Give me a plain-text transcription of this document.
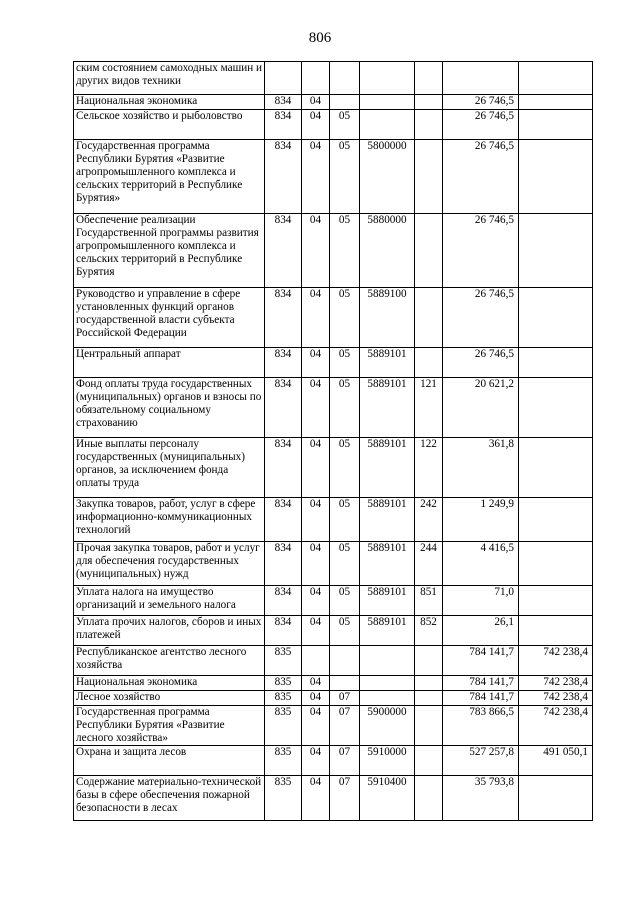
806
ским состоянием самоходных машин и других видов техники							
Национальная экономика	834	04				26 746,5	
Сельское хозяйство и рыболовство	834	04	05			26 746,5	
Государственная программа Республики Бурятия «Развитие агропромышленного комплекса и сельских территорий в Республике Бурятия»	834	04	05	5800000		26 746,5	
Обеспечение реализации Государственной программы развития агропромышленного комплекса и сельских территорий в Республике Бурятия	834	04	05	5880000		26 746,5	
Руководство и управление в сфере установленных функций органов государственной власти субъекта Российской Федерации	834	04	05	5889100		26 746,5	
Центральный аппарат	834	04	05	5889101		26 746,5	
Фонд оплаты труда государственных (муниципальных) органов и взносы по обязательному социальному страхованию	834	04	05	5889101	121	20 621,2	
Иные выплаты персоналу государственных (муниципальных) органов, за исключением фонда оплаты труда	834	04	05	5889101	122	361,8	
Закупка товаров, работ, услуг в сфере информационно-коммуникационных технологий	834	04	05	5889101	242	1 249,9	
Прочая закупка товаров, работ и услуг для обеспечения государственных (муниципальных) нужд	834	04	05	5889101	244	4 416,5	
Уплата налога на имущество организаций и земельного налога	834	04	05	5889101	851	71,0	
Уплата прочих налогов, сборов и иных платежей	834	04	05	5889101	852	26,1	
Республиканское агентство лесного хозяйства	835					784 141,7	742 238,4
Национальная экономика	835	04				784 141,7	742 238,4
Лесное хозяйство	835	04	07			784 141,7	742 238,4
Государственная программа Республики Бурятия «Развитие лесного хозяйства»	835	04	07	5900000		783 866,5	742 238,4
Охрана и защита лесов	835	04	07	5910000		527 257,8	491 050,1
Содержание материально-технической базы в сфере обеспечения пожарной безопасности в лесах	835	04	07	5910400		35 793,8	
